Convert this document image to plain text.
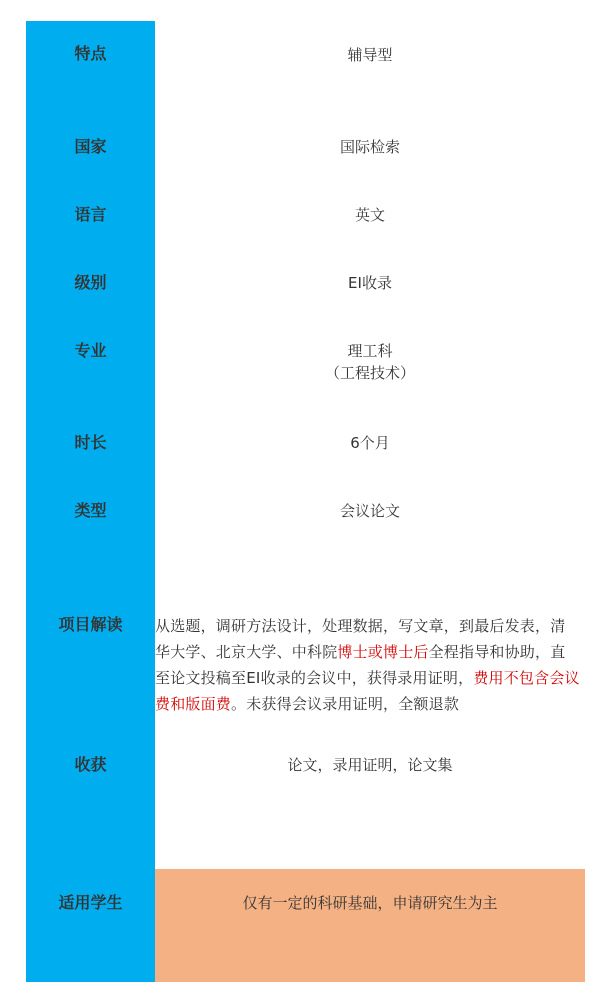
特点	辅导型
国家	国际检索
语言	英文
级别	EI收录
专业	理工科
（工程技术）
时长	6个月
类型	会议论文
项目解读	从选题，调研方法设计，处理数据，写文章，到最后发表，清华大学、北京大学、中科院博士或博士后全程指导和协助，直至论文投稿至EI收录的会议中，获得录用证明，费用不包含会议费和版面费。未获得会议录用证明，全额退款
收获	论文，录用证明，论文集
适用学生	仅有一定的科研基础，申请研究生为主
